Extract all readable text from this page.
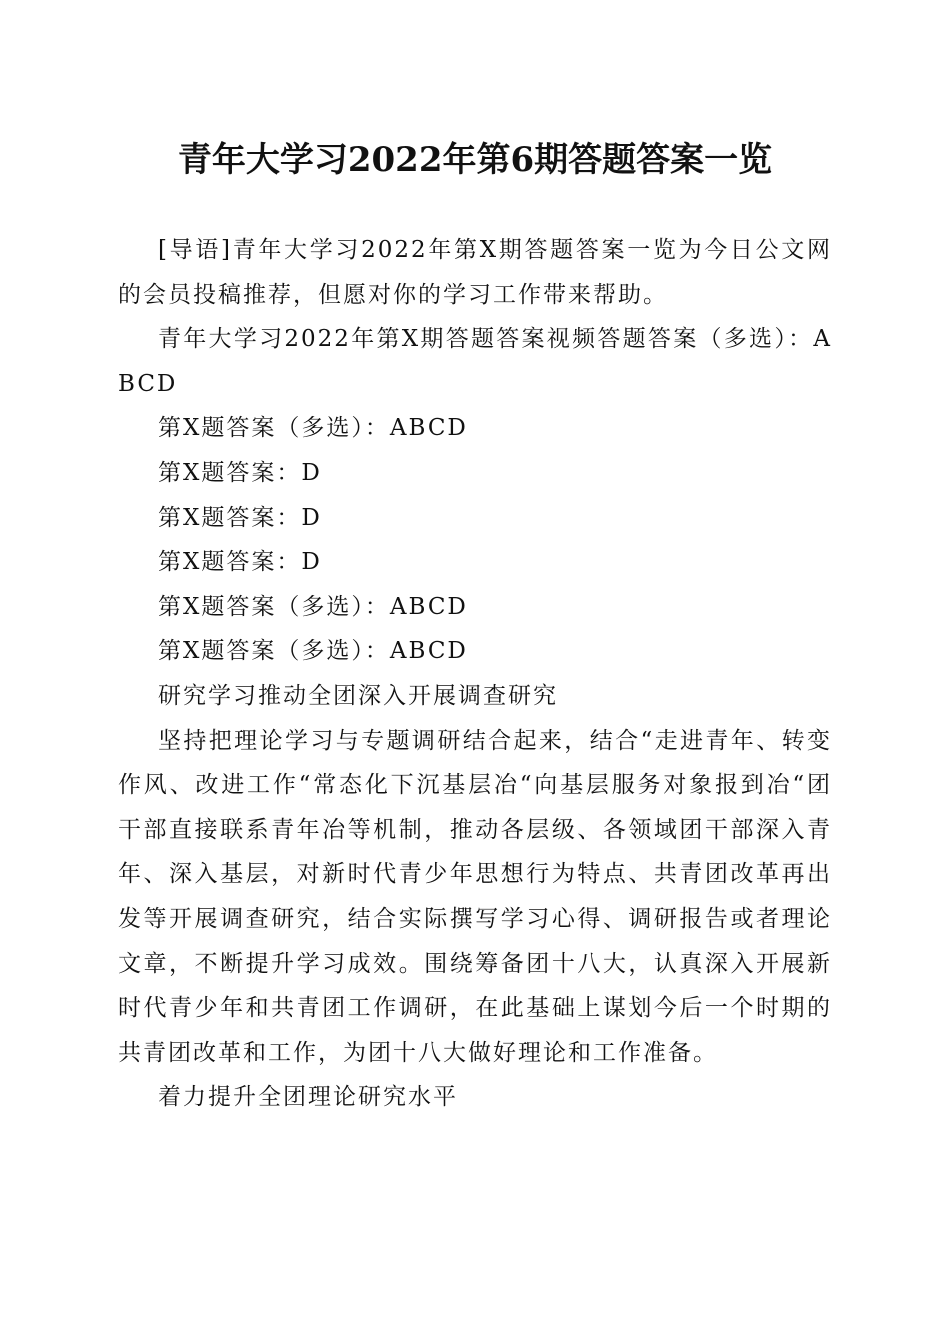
青年大学习2022年第6期答题答案一览

[导语]青年大学习2022年第X期答题答案一览为今日公文网的会员投稿推荐，但愿对你的学习工作带来帮助。

青年大学习2022年第X期答题答案视频答题答案（多选）：ABCD

第X题答案（多选）：ABCD

第X题答案：D

第X题答案：D

第X题答案：D

第X题答案（多选）：ABCD

第X题答案（多选）：ABCD

研究学习推动全团深入开展调查研究

坚持把理论学习与专题调研结合起来，结合“走进青年、转变作风、改进工作“常态化下沉基层冶“向基层服务对象报到冶“团干部直接联系青年冶等机制，推动各层级、各领域团干部深入青年、深入基层，对新时代青少年思想行为特点、共青团改革再出发等开展调查研究，结合实际撰写学习心得、调研报告或者理论文章，不断提升学习成效。围绕筹备团十八大，认真深入开展新时代青少年和共青团工作调研，在此基础上谋划今后一个时期的共青团改革和工作，为团十八大做好理论和工作准备。

着力提升全团理论研究水平
